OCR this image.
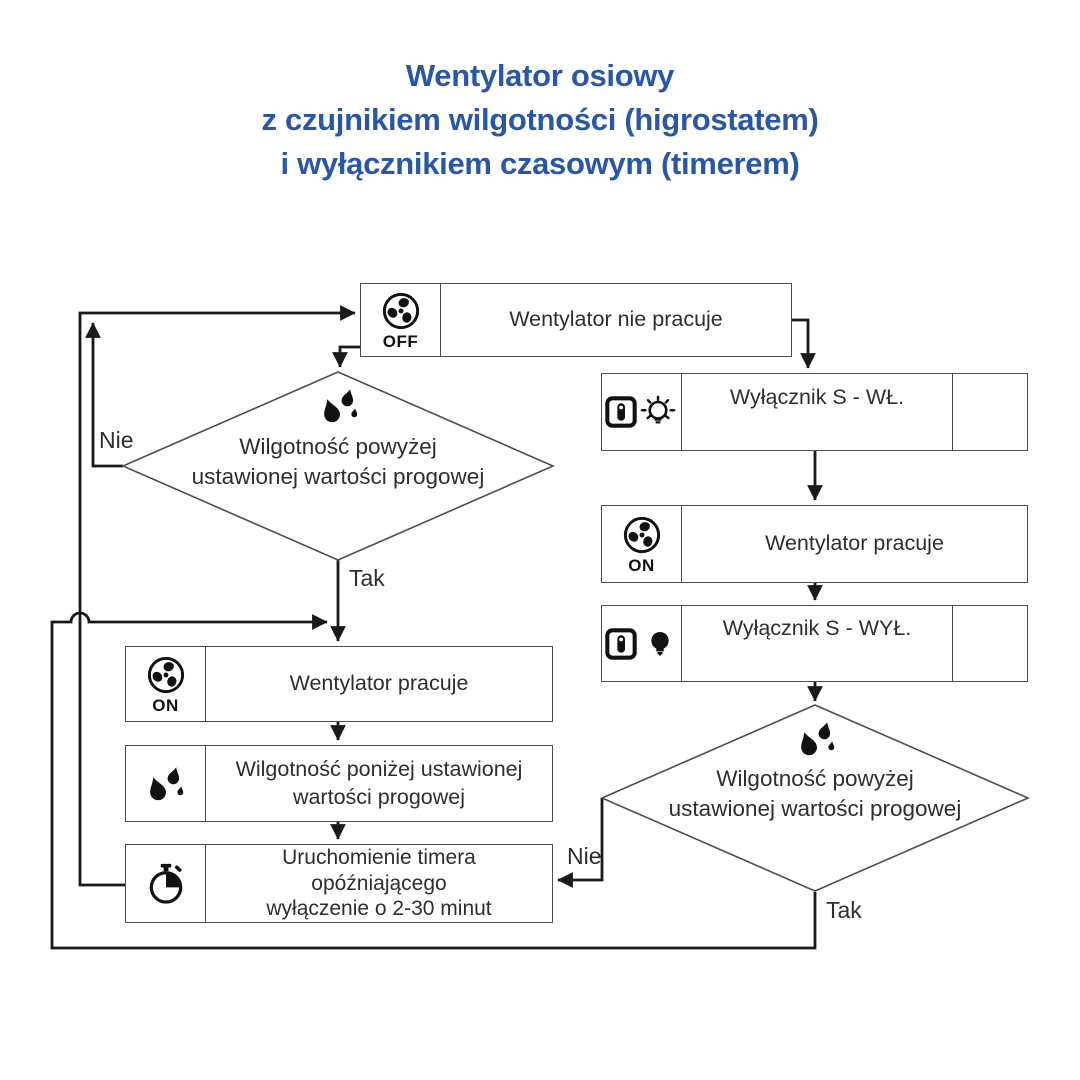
Wentylator osiowy
z czujnikiem wilgotności (higrostatem)
i wyłącznikiem czasowym (timerem)
OFF
Wentylator nie pracuje
Wyłącznik S - WŁ.
ON
Wentylator pracuje
Wyłącznik S - WYŁ.
ON
Wentylator pracuje
Wilgotność poniżej ustawionej
wartości progowej
Uruchomienie timera
opóźniającego
wyłączenie o 2-30 minut
Wilgotność powyżej
ustawionej wartości progowej
Wilgotność powyżej
ustawionej wartości progowej
Nie
Tak
Nie
Tak
